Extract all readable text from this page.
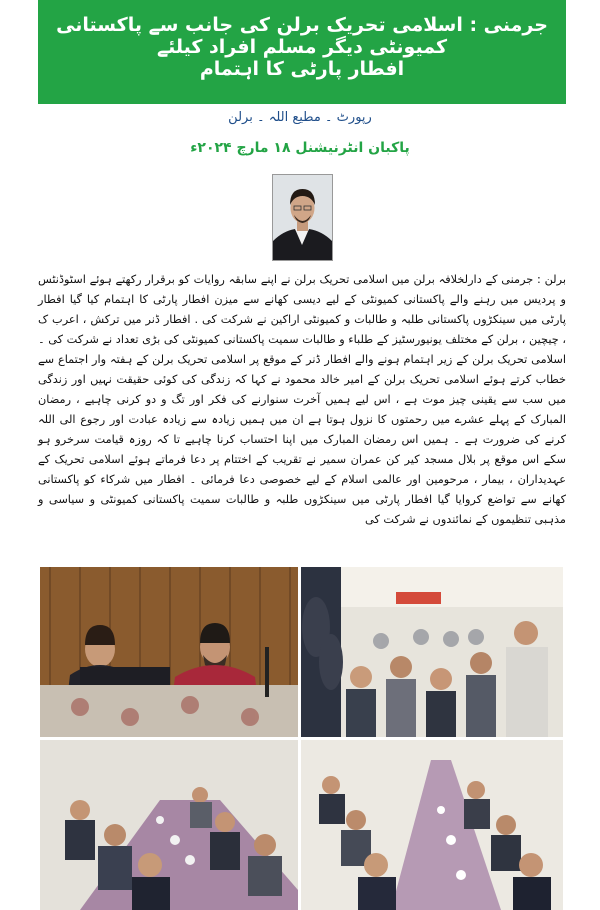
جرمنی : اسلامی تحریک برلن کی جانب سے پاکستانی کمیونٹی دیگر مسلم افراد کیلئے
افطار پارٹی کا اہتمام
رپورٹ ۔ مطیع اللہ ۔ برلن
پاکبان انٹرنیشنل ۱۸ مارچ ۲۰۲۴ء
برلن : جرمنی کے دارلخلافہ برلن میں اسلامی تحریک برلن نے اپنے سابقہ روایات کو برقرار رکھتے ہوئے اسٹوڈنٹس و پردیس میں رہنے والے پاکستانی کمیونٹی کے لیے دیسی کھانے سے میزن افطار پارٹی کا اہتمام کیا گیا افطار پارٹی میں سینکڑوں پاکستانی طلبہ و طالبات و کمیونٹی اراکین نے شرکت کی . افطار ڈنر میں ترکش ، اعرب ک ، چیچین ، برلن کے مختلف یونیورسٹیز کے طلباء و طالبات سمیت پاکستانی کمیونٹی کی بڑی تعداد نے شرکت کی ۔ اسلامی تحریک برلن کے زیر اہتمام ہونے والے افطار ڈنر کے موقع پر اسلامی تحریک برلن کے ہفتہ وار اجتماع سے خطاب کرتے ہوئے اسلامی تحریک برلن کے امیر خالد محمود نے کہا کہ زندگی کی کوئی حقیقت نہیں اور زندگی میں سب سے یقینی چیز موت ہے ، اس لیے ہمیں آخرت سنوارنے کی فکر اور تگ و دو کرنی چاہیے ، رمضان المبارک کے پہلے عشرے میں رحمتوں کا نزول ہوتا ہے ان میں ہمیں زیادہ سے زیادہ عبادت اور رجوع الی اللہ کرنے کی ضرورت ہے ۔ ہمیں اس رمضان المبارک میں اپنا احتساب کرنا چاہیے تا کہ روزہ قیامت سرخرو ہو سکے اس موقع پر بلال مسجد کیر کن عمران سمیر نے تقریب کے اختتام پر دعا فرماتے ہوئے اسلامی تحریک کے عہدیداران ، بیمار ، مرحومین اور عالمی اسلام کے لیے خصوصی دعا فرمائی ۔ افطار میں شرکاء کو پاکستانی کھانے سے تواضع کروایا گیا افطار پارٹی میں سینکڑوں طلبہ و طالبات سمیت پاکستانی کمیونٹی و سیاسی و مذہبی تنظیموں کے نمائندوں نے شرکت کی
